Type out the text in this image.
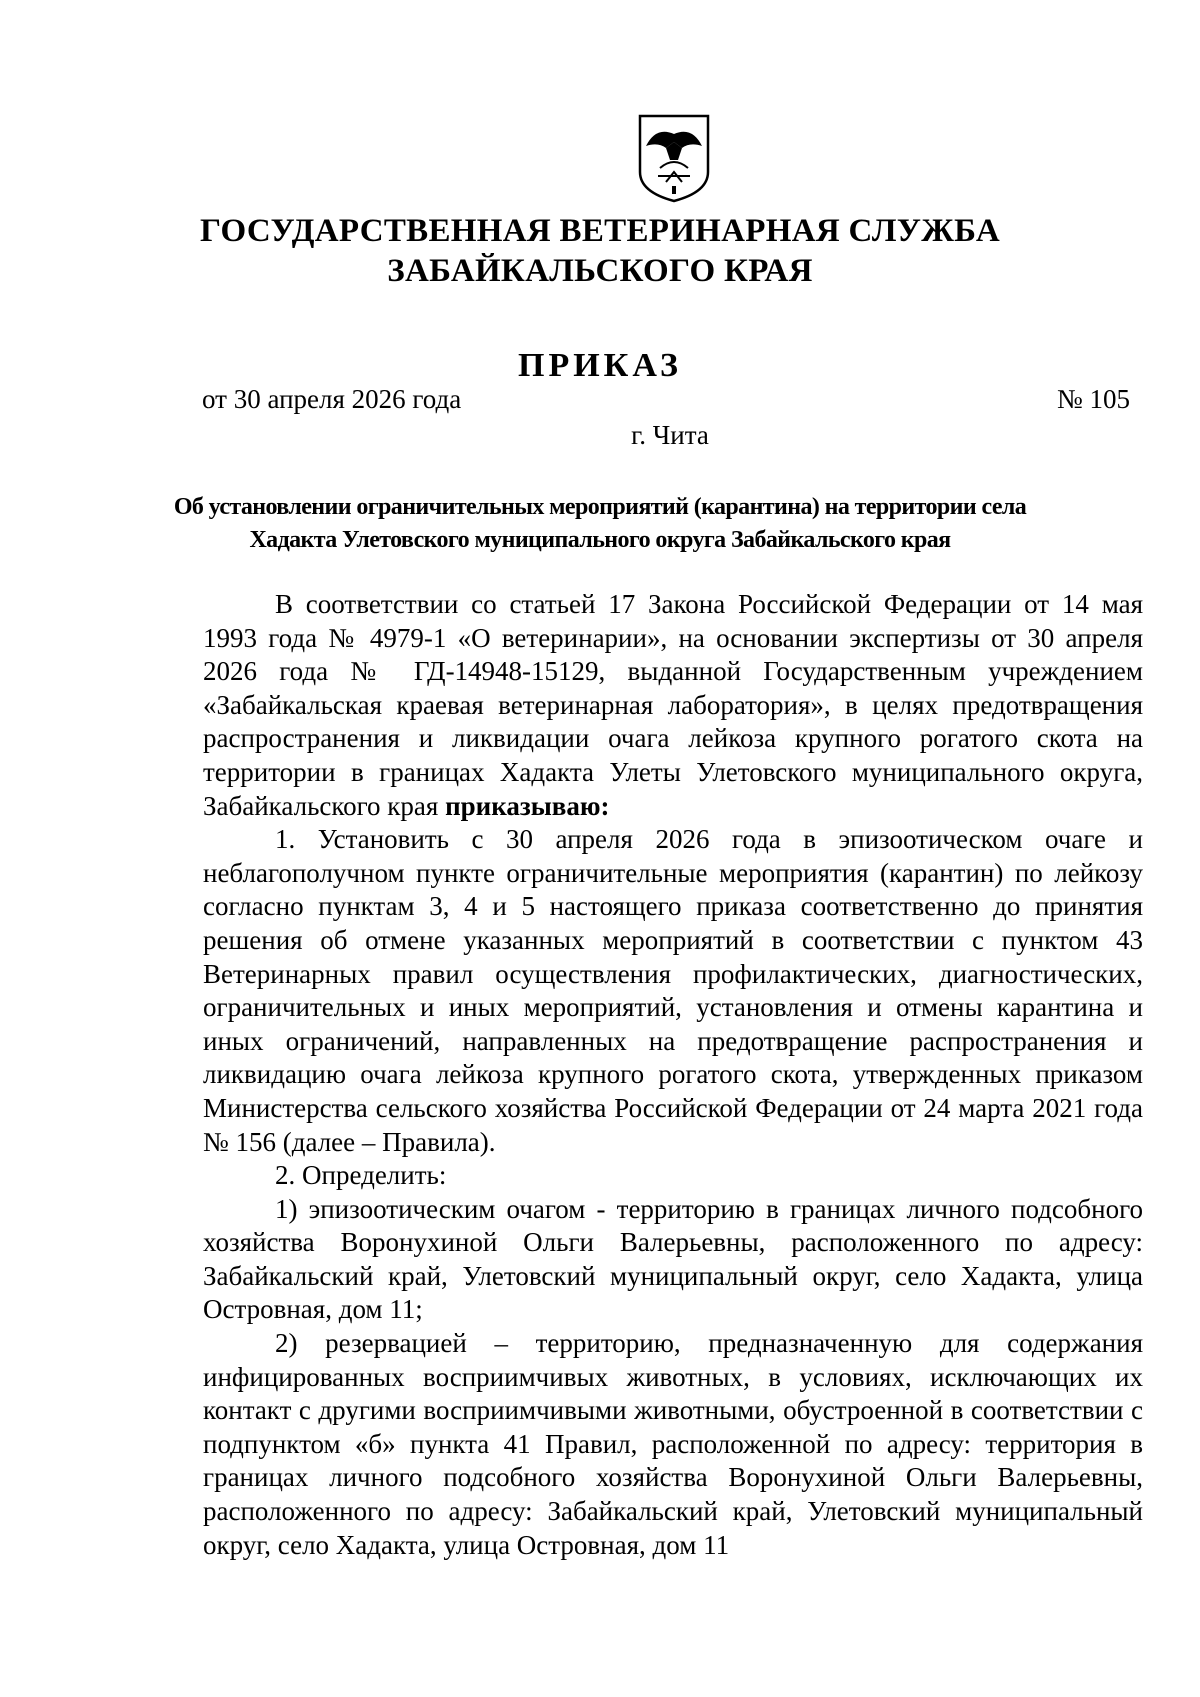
ГОСУДАРСТВЕННАЯ ВЕТЕРИНАРНАЯ СЛУЖБА
ЗАБАЙКАЛЬСКОГО КРАЯ
ПРИКАЗ
от 30 апреля 2026 года	№ 105
г. Чита
Об установлении ограничительных мероприятий (карантина) на территории села
Хадакта Улетовского муниципального округа Забайкальского края

В соответствии со статьей 17 Закона Российской Федерации от 14 мая 1993 года № 4979-1 «О ветеринарии», на основании экспертизы от 30 апреля 2026 года № ГД-14948-15129, выданной Государственным учреждением «Забайкальская краевая ветеринарная лаборатория», в целях предотвращения распространения и ликвидации очага лейкоза крупного рогатого скота на территории в границах Хадакта Улеты Улетовского муниципального округа, Забайкальского края приказываю:

1. Установить с 30 апреля 2026 года в эпизоотическом очаге и неблагополучном пункте ограничительные мероприятия (карантин) по лейкозу согласно пунктам 3, 4 и 5 настоящего приказа соответственно до принятия решения об отмене указанных мероприятий в соответствии с пунктом 43 Ветеринарных правил осуществления профилактических, диагностических, ограничительных и иных мероприятий, установления и отмены карантина и иных ограничений, направленных на предотвращение распространения и ликвидацию очага лейкоза крупного рогатого скота, утвержденных приказом Министерства сельского хозяйства Российской Федерации от 24 марта 2021 года № 156 (далее – Правила).

2. Определить:

1) эпизоотическим очагом - территорию в границах личного подсобного хозяйства Воронухиной Ольги Валерьевны, расположенного по адресу: Забайкальский край, Улетовский муниципальный округ, село Хадакта, улица Островная, дом 11;

2) резервацией – территорию, предназначенную для содержания инфицированных восприимчивых животных, в условиях, исключающих их контакт с другими восприимчивыми животными, обустроенной в соответствии с подпунктом «б» пункта 41 Правил, расположенной по адресу: территория в границах личного подсобного хозяйства Воронухиной Ольги Валерьевны, расположенного по адресу: Забайкальский край, Улетовский муниципальный округ, село Хадакта, улица Островная, дом 11
